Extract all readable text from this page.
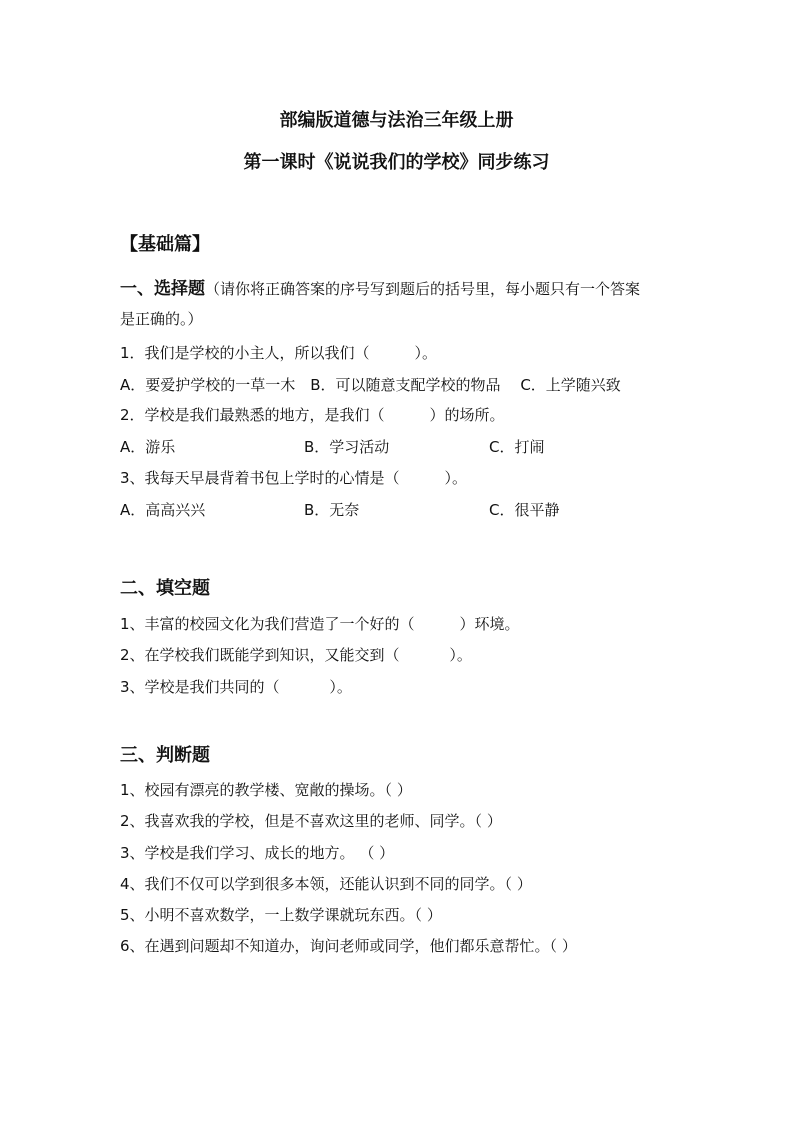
部编版道德与法治三年级上册
第一课时《说说我们的学校》同步练习
【基础篇】
一、选择题（请你将正确答案的序号写到题后的括号里，每小题只有一个答案
是正确的。）
1．我们是学校的小主人，所以我们（　　　）。
A．要爱护学校的一草一木　B．可以随意支配学校的物品　 C．上学随兴致
2．学校是我们最熟悉的地方，是我们（　　　）的场所。
A．游乐	B．学习活动	C．打闹
3、我每天早晨背着书包上学时的心情是（　　　）。
A．高高兴兴	B．无奈	C．很平静
二、填空题
1、丰富的校园文化为我们营造了一个好的（　　　）环境。
2、在学校我们既能学到知识，又能交到（　　　 ）。
3、学校是我们共同的（　　　 ）。
三、判断题
1、校园有漂亮的教学楼、宽敞的操场。（ ）
2、我喜欢我的学校，但是不喜欢这里的老师、同学。（ ）
3、学校是我们学习、成长的地方。 （ ）
4、我们不仅可以学到很多本领，还能认识到不同的同学。（ ）
5、小明不喜欢数学，一上数学课就玩东西。（ ）
6、在遇到问题却不知道办，询问老师或同学，他们都乐意帮忙。（ ）
